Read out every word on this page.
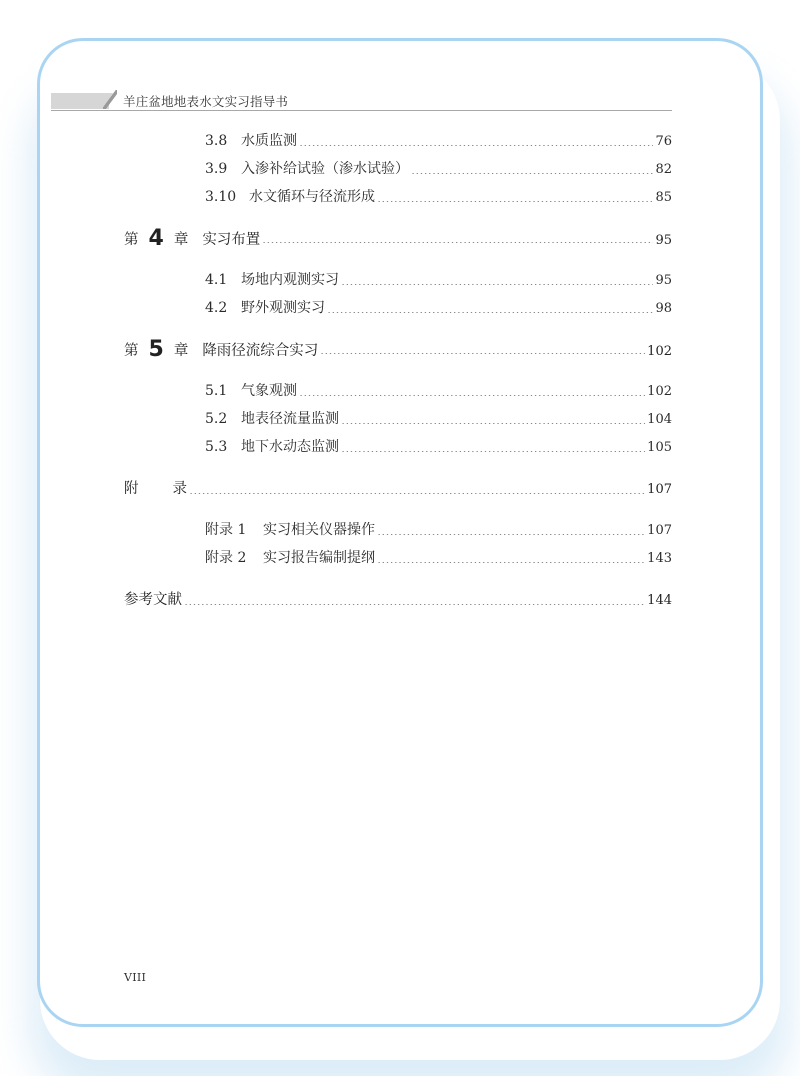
羊庄盆地地表水文实习指导书
3.8 水质监测	76
3.9 入渗补给试验（渗水试验）	82
3.10 水文循环与径流形成	85
第 4 章 实习布置	95
4.1 场地内观测实习	95
4.2 野外观测实习	98
第 5 章 降雨径流综合实习	102
5.1 气象观测	102
5.2 地表径流量监测	104
5.3 地下水动态监测	105
附 录	107
附录 1	实习相关仪器操作	107
附录 2	实习报告编制提纲	143
参考文献	144
VIII
